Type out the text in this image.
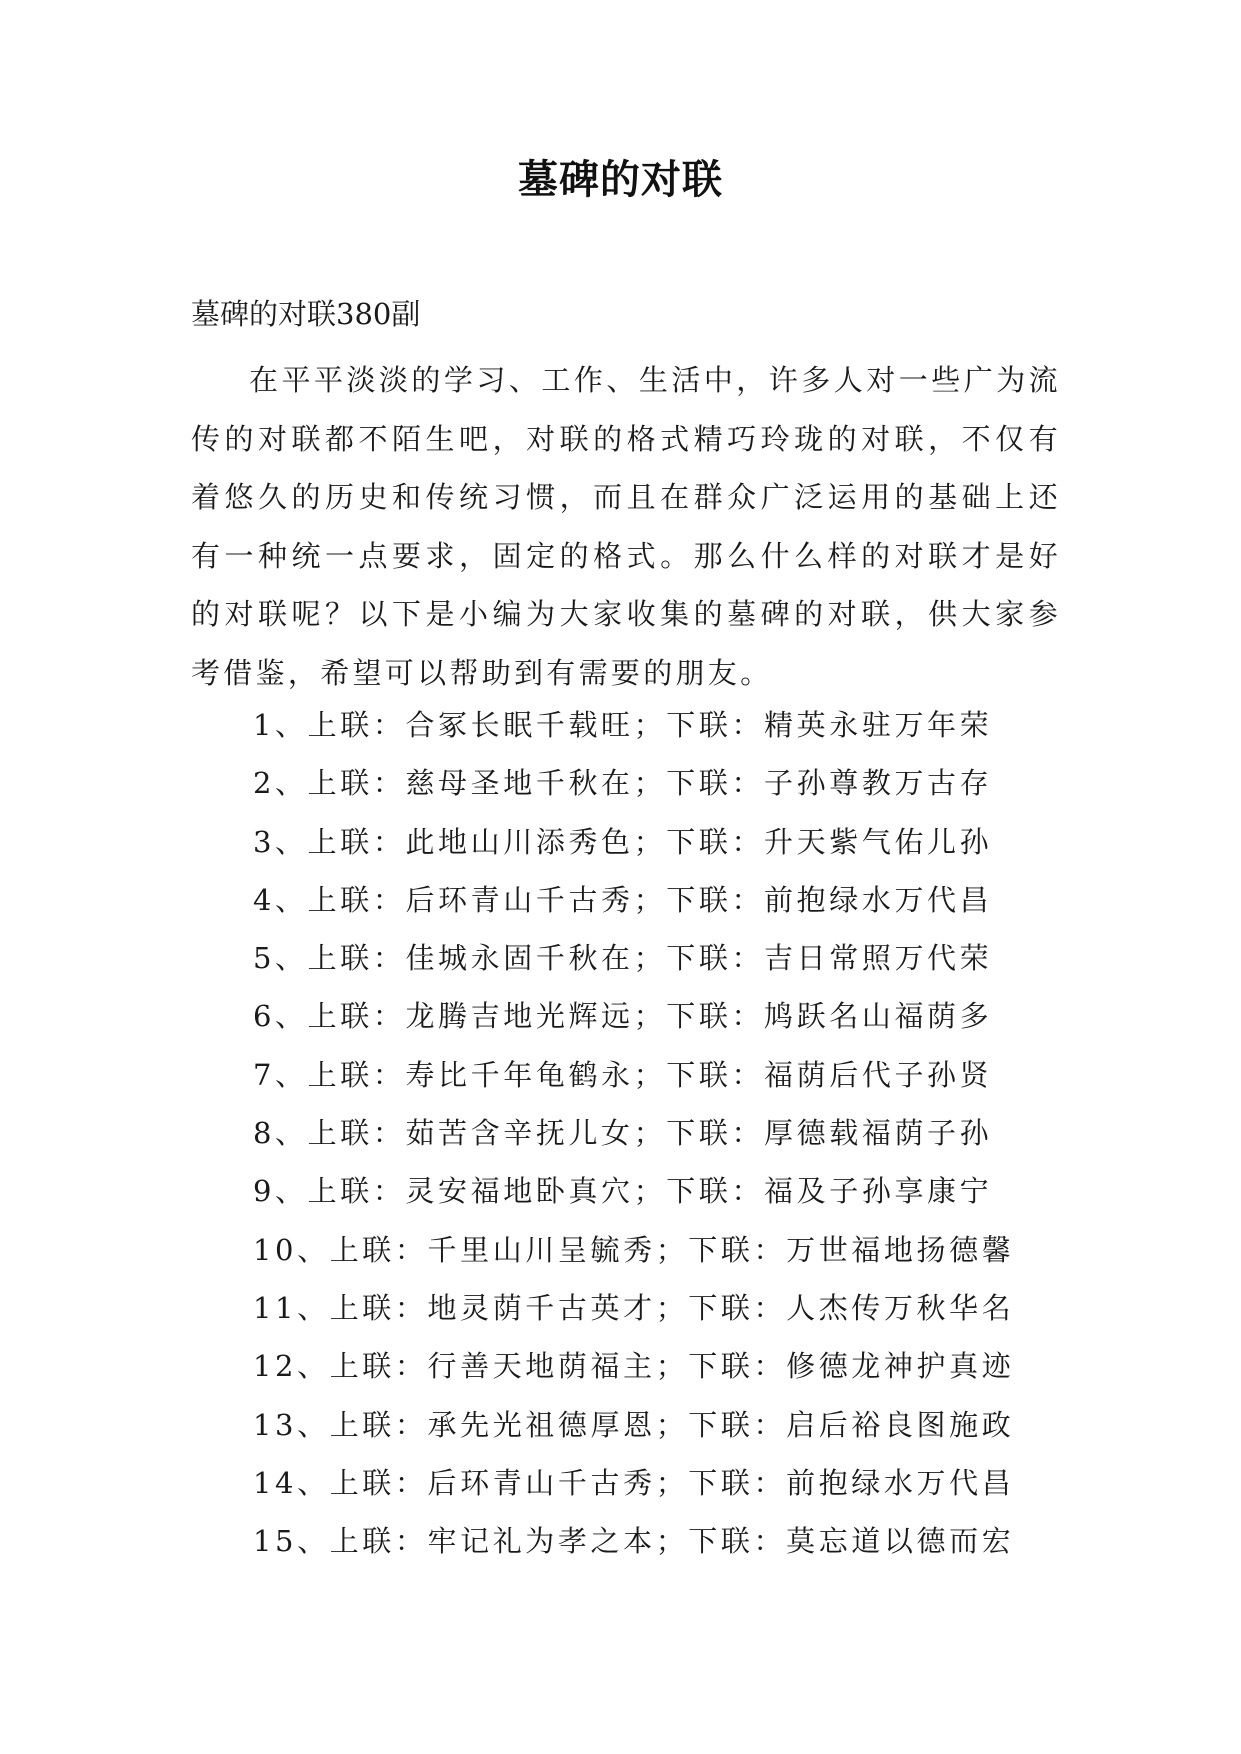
墓碑的对联
墓碑的对联380副

在平平淡淡的学习、工作、生活中，许多人对一些广为流传的对联都不陌生吧，对联的格式精巧玲珑的对联，不仅有着悠久的历史和传统习惯，而且在群众广泛运用的基础上还有一种统一点要求，固定的格式。那么什么样的对联才是好的对联呢？以下是小编为大家收集的墓碑的对联，供大家参考借鉴，希望可以帮助到有需要的朋友。

1、上联：合冢长眠千载旺；下联：精英永驻万年荣
2、上联：慈母圣地千秋在；下联：子孙尊教万古存
3、上联：此地山川添秀色；下联：升天紫气佑儿孙
4、上联：后环青山千古秀；下联：前抱绿水万代昌
5、上联：佳城永固千秋在；下联：吉日常照万代荣
6、上联：龙腾吉地光辉远；下联：鸠跃名山福荫多
7、上联：寿比千年龟鹤永；下联：福荫后代子孙贤
8、上联：茹苦含辛抚儿女；下联：厚德载福荫子孙
9、上联：灵安福地卧真穴；下联：福及子孙享康宁
10、上联：千里山川呈毓秀；下联：万世福地扬德馨
11、上联：地灵荫千古英才；下联：人杰传万秋华名
12、上联：行善天地荫福主；下联：修德龙神护真迹
13、上联：承先光祖德厚恩；下联：启后裕良图施政
14、上联：后环青山千古秀；下联：前抱绿水万代昌
15、上联：牢记礼为孝之本；下联：莫忘道以德而宏
